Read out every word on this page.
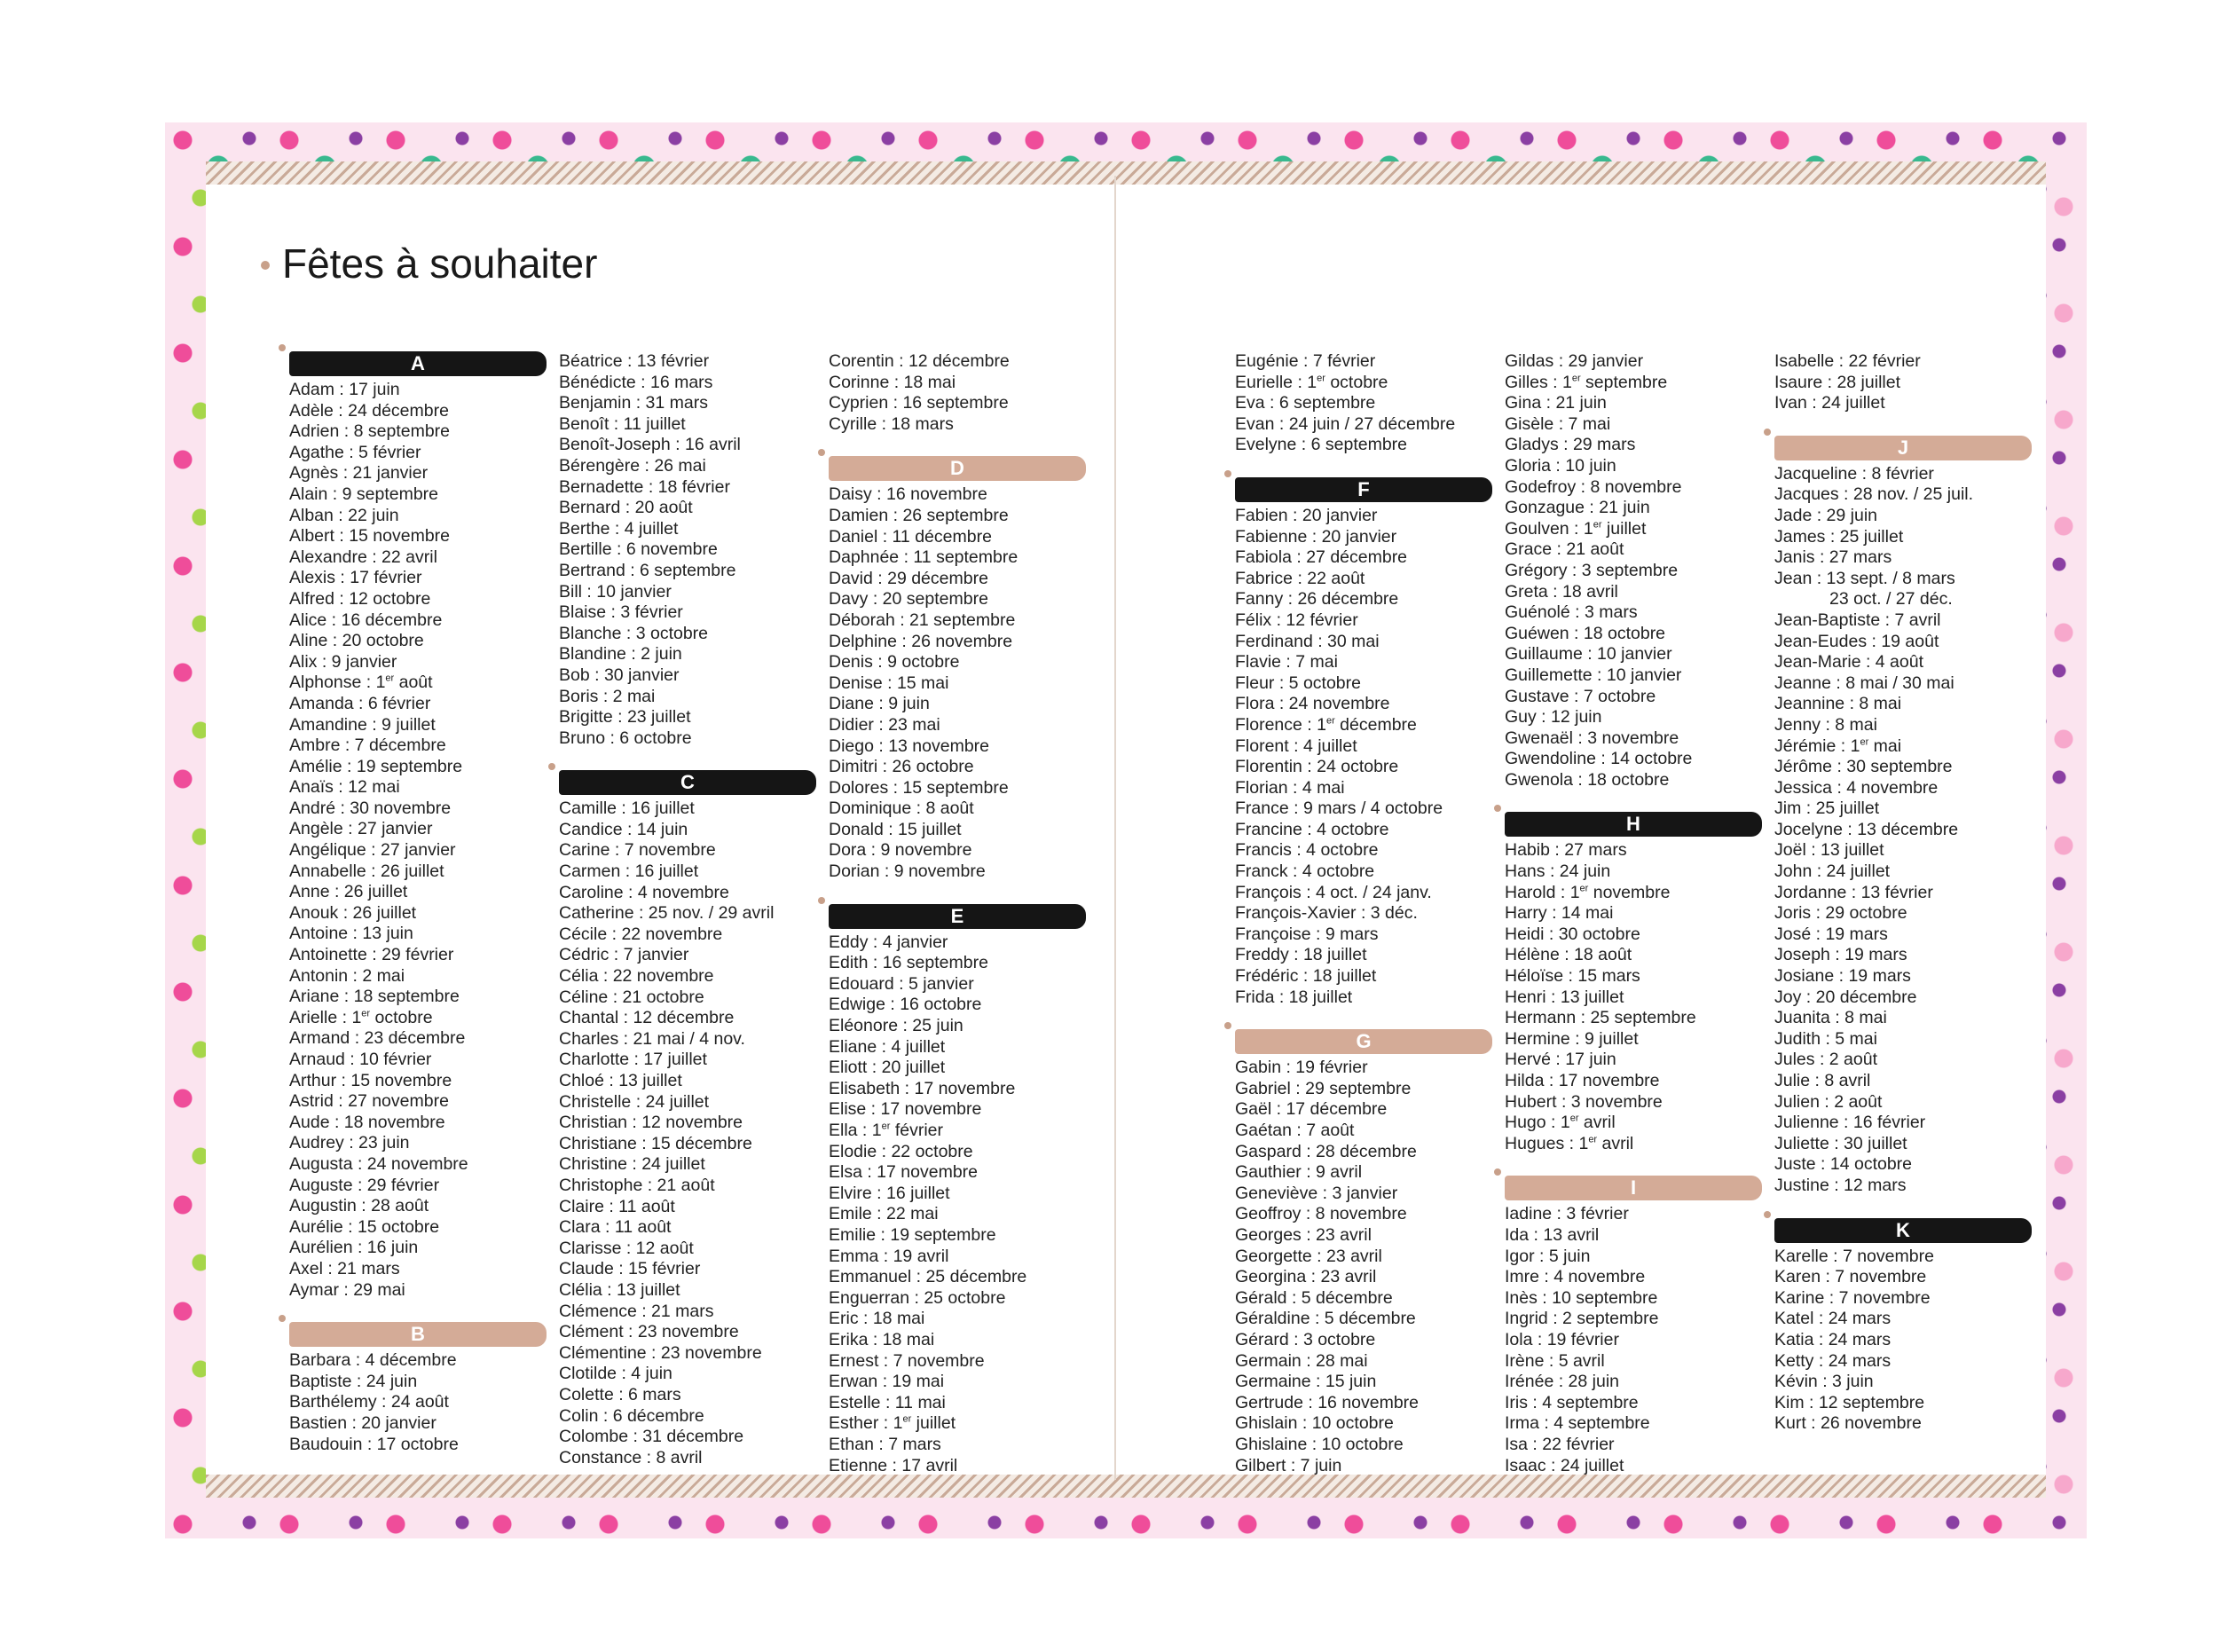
Fêtes à souhaiter
A
Adam : 17 juin
Adèle : 24 décembre
Adrien : 8 septembre
Agathe : 5 février
Agnès : 21 janvier
Alain : 9 septembre
Alban : 22 juin
Albert : 15 novembre
Alexandre : 22 avril
Alexis : 17 février
Alfred : 12 octobre
Alice : 16 décembre
Aline : 20 octobre
Alix : 9 janvier
Alphonse : 1er août
Amanda : 6 février
Amandine : 9 juillet
Ambre : 7 décembre
Amélie : 19 septembre
Anaïs : 12 mai
André : 30 novembre
Angèle : 27 janvier
Angélique : 27 janvier
Annabelle : 26 juillet
Anne : 26 juillet
Anouk : 26 juillet
Antoine : 13 juin
Antoinette : 29 février
Antonin : 2 mai
Ariane : 18 septembre
Arielle : 1er octobre
Armand : 23 décembre
Arnaud : 10 février
Arthur : 15 novembre
Astrid : 27 novembre
Aude : 18 novembre
Audrey : 23 juin
Augusta : 24 novembre
Auguste : 29 février
Augustin : 28 août
Aurélie : 15 octobre
Aurélien : 16 juin
Axel : 21 mars
Aymar : 29 mai
B
Barbara : 4 décembre
Baptiste : 24 juin
Barthélemy : 24 août
Bastien : 20 janvier
Baudouin : 17 octobre
Béatrice : 13 février
Bénédicte : 16 mars
Benjamin : 31 mars
Benoît : 11 juillet
Benoît-Joseph : 16 avril
Bérengère : 26 mai
Bernadette : 18 février
Bernard : 20 août
Berthe : 4 juillet
Bertille : 6 novembre
Bertrand : 6 septembre
Bill : 10 janvier
Blaise : 3 février
Blanche : 3 octobre
Blandine : 2 juin
Bob : 30 janvier
Boris : 2 mai
Brigitte : 23 juillet
Bruno : 6 octobre
C
Camille : 16 juillet
Candice : 14 juin
Carine : 7 novembre
Carmen : 16 juillet
Caroline : 4 novembre
Catherine : 25 nov. / 29 avril
Cécile : 22 novembre
Cédric : 7 janvier
Célia : 22 novembre
Céline : 21 octobre
Chantal : 12 décembre
Charles : 21 mai / 4 nov.
Charlotte : 17 juillet
Chloé : 13 juillet
Christelle : 24 juillet
Christian : 12 novembre
Christiane : 15 décembre
Christine : 24 juillet
Christophe : 21 août
Claire : 11 août
Clara : 11 août
Clarisse : 12 août
Claude : 15 février
Clélia : 13 juillet
Clémence : 21 mars
Clément : 23 novembre
Clémentine : 23 novembre
Clotilde : 4 juin
Colette : 6 mars
Colin : 6 décembre
Colombe : 31 décembre
Constance : 8 avril
Corentin : 12 décembre
Corinne : 18 mai
Cyprien : 16 septembre
Cyrille : 18 mars
D
Daisy : 16 novembre
Damien : 26 septembre
Daniel : 11 décembre
Daphnée : 11 septembre
David : 29 décembre
Davy : 20 septembre
Déborah : 21 septembre
Delphine : 26 novembre
Denis : 9 octobre
Denise : 15 mai
Diane : 9 juin
Didier : 23 mai
Diego : 13 novembre
Dimitri : 26 octobre
Dolores : 15 septembre
Dominique : 8 août
Donald : 15 juillet
Dora : 9 novembre
Dorian : 9 novembre
E
Eddy : 4 janvier
Edith : 16 septembre
Edouard : 5 janvier
Edwige : 16 octobre
Eléonore : 25 juin
Eliane : 4 juillet
Eliott : 20 juillet
Elisabeth : 17 novembre
Elise : 17 novembre
Ella : 1er février
Elodie : 22 octobre
Elsa : 17 novembre
Elvire : 16 juillet
Emile : 22 mai
Emilie : 19 septembre
Emma : 19 avril
Emmanuel : 25 décembre
Enguerran : 25 octobre
Eric : 18 mai
Erika : 18 mai
Ernest : 7 novembre
Erwan : 19 mai
Estelle : 11 mai
Esther : 1er juillet
Ethan : 7 mars
Etienne : 17 avril
Eugénie : 7 février
Eurielle : 1er octobre
Eva : 6 septembre
Evan : 24 juin / 27 décembre
Evelyne : 6 septembre
F
Fabien : 20 janvier
Fabienne : 20 janvier
Fabiola : 27 décembre
Fabrice : 22 août
Fanny : 26 décembre
Félix : 12 février
Ferdinand : 30 mai
Flavie : 7 mai
Fleur : 5 octobre
Flora : 24 novembre
Florence : 1er décembre
Florent : 4 juillet
Florentin : 24 octobre
Florian : 4 mai
France : 9 mars / 4 octobre
Francine : 4 octobre
Francis : 4 octobre
Franck : 4 octobre
François : 4 oct. / 24 janv.
François-Xavier : 3 déc.
Françoise : 9 mars
Freddy : 18 juillet
Frédéric : 18 juillet
Frida : 18 juillet
G
Gabin : 19 février
Gabriel : 29 septembre
Gaël : 17 décembre
Gaétan : 7 août
Gaspard : 28 décembre
Gauthier : 9 avril
Geneviève : 3 janvier
Geoffroy : 8 novembre
Georges : 23 avril
Georgette : 23 avril
Georgina : 23 avril
Gérald : 5 décembre
Géraldine : 5 décembre
Gérard : 3 octobre
Germain : 28 mai
Germaine : 15 juin
Gertrude : 16 novembre
Ghislain : 10 octobre
Ghislaine : 10 octobre
Gilbert : 7 juin
Gildas : 29 janvier
Gilles : 1er septembre
Gina : 21 juin
Gisèle : 7 mai
Gladys : 29 mars
Gloria : 10 juin
Godefroy : 8 novembre
Gonzague : 21 juin
Goulven : 1er juillet
Grace : 21 août
Grégory : 3 septembre
Greta : 18 avril
Guénolé : 3 mars
Guéwen : 18 octobre
Guillaume : 10 janvier
Guillemette : 10 janvier
Gustave : 7 octobre
Guy : 12 juin
Gwenaël : 3 novembre
Gwendoline : 14 octobre
Gwenola : 18 octobre
H
Habib : 27 mars
Hans : 24 juin
Harold : 1er novembre
Harry : 14 mai
Heidi : 30 octobre
Hélène : 18 août
Héloïse : 15 mars
Henri : 13 juillet
Hermann : 25 septembre
Hermine : 9 juillet
Hervé : 17 juin
Hilda : 17 novembre
Hubert : 3 novembre
Hugo : 1er avril
Hugues : 1er avril
I
Iadine : 3 février
Ida : 13 avril
Igor : 5 juin
Imre : 4 novembre
Inès : 10 septembre
Ingrid : 2 septembre
Iola : 19 février
Irène : 5 avril
Irénée : 28 juin
Iris : 4 septembre
Irma : 4 septembre
Isa : 22 février
Isaac : 24 juillet
Isabelle : 22 février
Isaure : 28 juillet
Ivan : 24 juillet
J
Jacqueline : 8 février
Jacques : 28 nov. / 25 juil.
Jade : 29 juin
James : 25 juillet
Janis : 27 mars
Jean : 13 sept. / 8 mars
23 oct. / 27 déc.
Jean-Baptiste : 7 avril
Jean-Eudes : 19 août
Jean-Marie : 4 août
Jeanne : 8 mai / 30 mai
Jeannine : 8 mai
Jenny : 8 mai
Jérémie : 1er mai
Jérôme : 30 septembre
Jessica : 4 novembre
Jim : 25 juillet
Jocelyne : 13 décembre
Joël : 13 juillet
John : 24 juillet
Jordanne : 13 février
Joris : 29 octobre
José : 19 mars
Joseph : 19 mars
Josiane : 19 mars
Joy : 20 décembre
Juanita : 8 mai
Judith : 5 mai
Jules : 2 août
Julie : 8 avril
Julien : 2 août
Julienne : 16 février
Juliette : 30 juillet
Juste : 14 octobre
Justine : 12 mars
K
Karelle : 7 novembre
Karen : 7 novembre
Karine : 7 novembre
Katel : 24 mars
Katia : 24 mars
Ketty : 24 mars
Kévin : 3 juin
Kim : 12 septembre
Kurt : 26 novembre
